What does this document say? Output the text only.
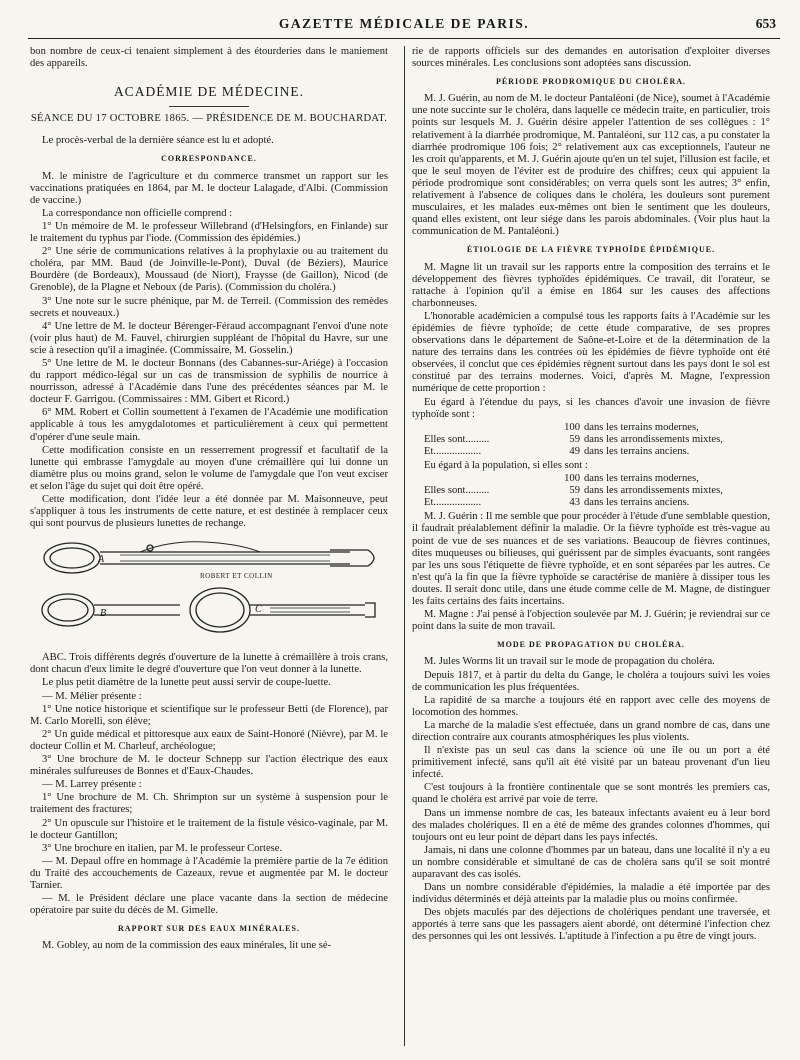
GAZETTE MÉDICALE DE PARIS.	653

bon nombre de ceux-ci tenaient simplement à des étourderies dans le maniement des appareils.

ACADÉMIE DE MÉDECINE.
SÉANCE DU 17 OCTOBRE 1865. — PRÉSIDENCE DE M. BOUCHARDAT.

Le procès-verbal de la dernière séance est lu et adopté.

CORRESPONDANCE.

M. le ministre de l'agriculture et du commerce transmet un rapport sur les vaccinations pratiquées en 1864, par M. le docteur Lalagade, d'Albi. (Commission de vaccine.)

La correspondance non officielle comprend :

1° Un mémoire de M. le professeur Willebrand (d'Helsingfors, en Finlande) sur le traitement du typhus par l'iode. (Commission des épidémies.)

2° Une série de communications relatives à la prophylaxie ou au traitement du choléra, par MM. Baud (de Joinville-le-Pont), Duval (de Béziers), Maurice Bourdère (de Bordeaux), Moussaud (de Niort), Fraysse (de Gaillon), Nicod (de Grenoble), de la Plagne et Neboux (de Paris). (Commission du choléra.)

3° Une note sur le sucre phénique, par M. de Terreil. (Commission des remèdes secrets et nouveaux.)

4° Une lettre de M. le docteur Bérenger-Féraud accompagnant l'envoi d'une note (voir plus haut) de M. Fauvel, chirurgien suppléant de l'hôpital du Havre, sur une scie à resection qu'il a imaginée. (Commissaire, M. Gosselin.)

5° Une lettre de M. le docteur Bonnans (des Cabannes-sur-Ariége) à l'occasion du rapport médico-légal sur un cas de transmission de syphilis de nourrice à nourrisson, adressé à l'Académie dans l'une des précédentes séances par M. le docteur F. Garrigou. (Commissaires : MM. Gibert et Ricord.)

6° MM. Robert et Collin soumettent à l'examen de l'Académie une modification applicable à tous les amygdalotomes et particulièrement à ceux qui permettent d'opérer d'une seule main.

Cette modification consiste en un resserrement progressif et facultatif de la lunette qui embrasse l'amygdale au moyen d'une crémaillère qui lui donne un diamètre plus ou moins grand, selon le volume de l'amygdale que l'on veut exciser et selon l'âge du sujet qui doit être opéré.

Cette modification, dont l'idée leur a été donnée par M. Maisonneuve, peut s'appliquer à tous les instruments de cette nature, et est destinée à remplacer ceux qui sont pourvus de plusieurs lunettes de rechange.

A
B	C
ROBERT ET COLLIN

ABC. Trois différents degrés d'ouverture de la lunette à crémaillère à trois crans, dont chacun d'eux limite le degré d'ouverture que l'on veut donner à la lunette.

Le plus petit diamètre de la lunette peut aussi servir de coupe-luette.

— M. Mélier présente :

1° Une notice historique et scientifique sur le professeur Betti (de Florence), par M. Carlo Morelli, son élève;

2° Un guide médical et pittoresque aux eaux de Saint-Honoré (Nièvre), par M. le docteur Collin et M. Charleuf, archéologue;

3° Une brochure de M. le docteur Schnepp sur l'action électrique des eaux minérales sulfureuses de Bonnes et d'Eaux-Chaudes.

— M. Larrey présente :

1° Une brochure de M. Ch. Shrimpton sur un système à suspension pour le traitement des fractures;

2° Un opuscule sur l'histoire et le traitement de la fistule vésico-vaginale, par M. le docteur Gantillon;

3° Une brochure en italien, par M. le professeur Cortese.

— M. Depaul offre en hommage à l'Académie la première partie de la 7e édition du Traité des accouchements de Cazeaux, revue et augmentée par M. le docteur Tarnier.

— M. le Président déclare une place vacante dans la section de médecine opératoire par suite du décès de M. Gimelle.

RAPPORT SUR DES EAUX MINÉRALES.

M. Gobley, au nom de la commission des eaux minérales, lit une sé-

rie de rapports officiels sur des demandes en autorisation d'exploiter diverses sources minérales. Les conclusions sont adoptées sans discussion.

PÉRIODE PRODROMIQUE DU CHOLÉRA.

M. J. Guérin, au nom de M. le docteur Pantaléoni (de Nice), soumet à l'Académie une note succinte sur le choléra, dans laquelle ce médecin traite, en particulier, trois points sur lesquels M. J. Guérin désire appeler l'attention de ses collègues : 1° relativement à la diarrhée prodromique, M. Pantaléoni, sur 112 cas, a pu constater la diarrhée prodromique 106 fois; 2° relativement aux cas exceptionnels, l'auteur ne les croit qu'apparents, et M. J. Guérin ajoute qu'en un tel sujet, l'illusion est facile, et que le seul moyen de l'éviter est de produire des chiffres; ceux qui appuient la période prodromique sont considérables; on verra quels sont les autres; 3° enfin, relativement à l'absence de coliques dans le choléra, les douleurs sont purement musculaires, et les malades eux-mêmes ont bien le sentiment que les douleurs, quand elles existent, ont leur siége dans les parois abdominales. (Voir plus haut la communication de M. Pantaléoni.)

ÉTIOLOGIE DE LA FIÈVRE TYPHOÏDE ÉPIDÉMIQUE.

M. Magne lit un travail sur les rapports entre la composition des terrains et le développement des fièvres typhoïdes épidémiques. Ce travail, dit l'orateur, se rattache à l'opinion qu'il a émise en 1864 sur les causes des affections charbonneuses.

L'honorable académicien a compulsé tous les rapports faits à l'Académie sur les épidémies de fièvre typhoïde; de cette étude comparative, de ses propres observations dans le département de Saône-et-Loire et de la détermination de la nature des terrains dans les contrées où les épidémies de fièvre typhoïde ont été observées, il conclut que ces épidémies règnent surtout dans les pays dont le sol est constitué par des terrains modernes. Voici, d'après M. Magne, l'expression numérique de cette proportion :

Eu égard à l'étendue du pays, si les chances d'avoir une invasion de fièvre typhoïde sont :

100 dans les terrains modernes,
Elles sont.........	59 dans les arrondissements mixtes,
Et..................	49 dans les terrains anciens.

Eu égard à la population, si elles sont :

100 dans les terrains modernes,
Elles sont.........	59 dans les arrondissements mixtes,
Et..................	43 dans les terrains anciens.

M. J. Guérin : Il me semble que pour procéder à l'étude d'une semblable question, il faudrait préalablement définir la maladie. Or la fièvre typhoïde est très-vague au point de vue de ses nuances et de ses variations. Beaucoup de fièvres continues, dites muqueuses ou bilieuses, qui guérissent par de simples évacuants, sont rangées par les uns sous l'étiquette de fièvre typhoïde, et en sont séparées par les autres. Ce n'est qu'à la fin que la fièvre typhoïde se caractérise de manière à dissiper tous les doutes. Il serait donc utile, dans une étude comme celle de M. Magne, de distinguer les faits certains des faits incertains.

M. Magne : J'ai pensé à l'objection soulevée par M. J. Guérin; je reviendrai sur ce point dans la suite de mon travail.

MODE DE PROPAGATION DU CHOLÉRA.

M. Jules Worms lit un travail sur le mode de propagation du choléra.

Depuis 1817, et à partir du delta du Gange, le choléra a toujours suivi les voies de communication les plus fréquentées.

La rapidité de sa marche a toujours été en rapport avec celle des moyens de locomotion des hommes.

La marche de la maladie s'est effectuée, dans un grand nombre de cas, dans une direction contraire aux courants atmosphériques les plus violents.

Il n'existe pas un seul cas dans la science où une île ou un port a été primitivement infecté, sans qu'il ait été visité par un bateau provenant d'un lieu infecté.

C'est toujours à la frontière continentale que se sont montrés les premiers cas, quand le choléra est arrivé par voie de terre.

Dans un immense nombre de cas, les bateaux infectants avaient eu à leur bord des malades cholériques. Il en a été de même des grandes colonnes d'hommes, qui toujours ont eu leur point de départ dans les pays infectés.

Jamais, ni dans une colonne d'hommes par un bateau, dans une localité il n'y a eu un nombre considérable et simultané de cas de choléra sans qu'il se soit montré auparavant des cas isolés.

Dans un nombre considérable d'épidémies, la maladie a été importée par des individus déterminés et déjà atteints par la maladie plus ou moins confirmée.

Des objets maculés par des déjections de cholériques pendant une traversée, et apportés à terre sans que les passagers aient abordé, ont déterminé l'infection chez des personnes qui les ont lessivés. L'aptitude à l'infection a pu être de vingt jours.
